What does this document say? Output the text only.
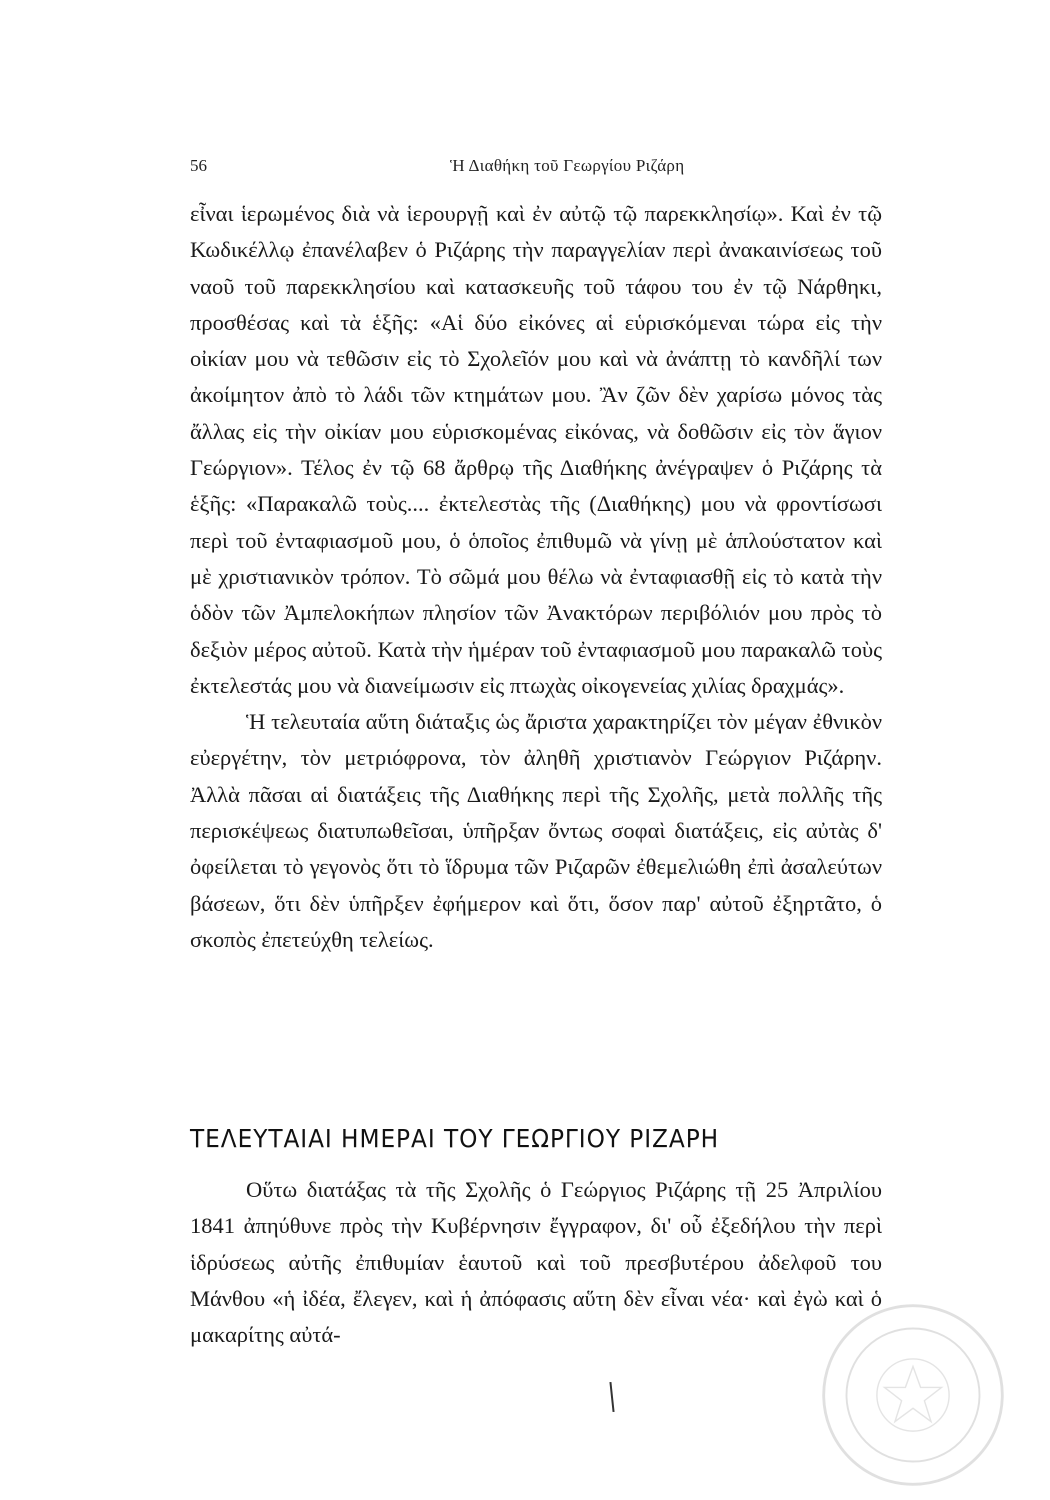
56	Ἡ Διαθήκη τοῦ Γεωργίου Ριζάρη
εἶναι ἱερωμένος διὰ νὰ ἱερουργῇ καὶ ἐν αὐτῷ τῷ παρεκκλησίῳ». Καὶ ἐν τῷ Κωδικέλλῳ ἐπανέλαβεν ὁ Ριζάρης τὴν παραγγελίαν περὶ ἀνακαινίσεως τοῦ ναοῦ τοῦ παρεκκλησίου καὶ κατασκευῆς τοῦ τάφου του ἐν τῷ Νάρθηκι, προσθέσας καὶ τὰ ἑξῆς: «Αἱ δύο εἰκόνες αἱ εὑρισκόμεναι τώρα εἰς τὴν οἰκίαν μου νὰ τεθῶσιν εἰς τὸ Σχολεῖόν μου καὶ νὰ ἀνάπτῃ τὸ κανδῆλί των ἀκοίμητον ἀπὸ τὸ λάδι τῶν κτημάτων μου. Ἂν ζῶν δὲν χαρίσω μόνος τὰς ἄλλας εἰς τὴν οἰκίαν μου εὑρισκομένας εἰκόνας, νὰ δοθῶσιν εἰς τὸν ἅγιον Γεώργιον». Τέλος ἐν τῷ 68 ἄρθρῳ τῆς Διαθήκης ἀνέγραψεν ὁ Ριζάρης τὰ ἑξῆς: «Παρακαλῶ τοὺς.... ἐκτελεστὰς τῆς (Διαθήκης) μου νὰ φροντίσωσι περὶ τοῦ ἐνταφιασμοῦ μου, ὁ ὁποῖος ἐπιθυμῶ νὰ γίνῃ μὲ ἁπλούστατον καὶ μὲ χριστιανικὸν τρόπον. Τὸ σῶμά μου θέλω νὰ ἐνταφιασθῇ εἰς τὸ κατὰ τὴν ὁδὸν τῶν Ἀμπελοκήπων πλησίον τῶν Ἀνακτόρων περιβόλιόν μου πρὸς τὸ δεξιὸν μέρος αὐτοῦ. Κατὰ τὴν ἡμέραν τοῦ ἐνταφιασμοῦ μου παρακαλῶ τοὺς ἐκτελεστάς μου νὰ διανείμωσιν εἰς πτωχὰς οἰκογενείας χιλίας δραχμάς».
Ἡ τελευταία αὕτη διάταξις ὡς ἄριστα χαρακτηρίζει τὸν μέγαν ἐθνικὸν εὐεργέτην, τὸν μετριόφρονα, τὸν ἀληθῆ χριστιανὸν Γεώργιον Ριζάρην. Ἀλλὰ πᾶσαι αἱ διατάξεις τῆς Διαθήκης περὶ τῆς Σχολῆς, μετὰ πολλῆς τῆς περισκέψεως διατυπωθεῖσαι, ὑπῆρξαν ὄντως σοφαὶ διατάξεις, εἰς αὐτὰς δ' ὀφείλεται τὸ γεγονὸς ὅτι τὸ ἵδρυμα τῶν Ριζαρῶν ἐθεμελιώθη ἐπὶ ἀσαλεύτων βάσεων, ὅτι δὲν ὑπῆρξεν ἐφήμερον καὶ ὅτι, ὅσον παρ' αὐτοῦ ἐξηρτᾶτο, ὁ σκοπὸς ἐπετεύχθη τελείως.
ΤΕΛΕΥΤΑΙΑΙ ΗΜΕΡΑΙ ΤΟΥ ΓΕΩΡΓΙΟΥ ΡΙΖΑΡΗ
Οὕτω διατάξας τὰ τῆς Σχολῆς ὁ Γεώργιος Ριζάρης τῇ 25 Ἀπριλίου 1841 ἀπηύθυνε πρὸς τὴν Κυβέρνησιν ἔγγραφον, δι' οὗ ἐξεδήλου τὴν περὶ ἱδρύσεως αὐτῆς ἐπιθυμίαν ἑαυτοῦ καὶ τοῦ πρεσβυτέρου ἀδελφοῦ του Μάνθου «ἡ ἰδέα, ἔλεγεν, καὶ ἡ ἀπόφασις αὕτη δὲν εἶναι νέα· καὶ ἐγὼ καὶ ὁ μακαρίτης αὐτά-
